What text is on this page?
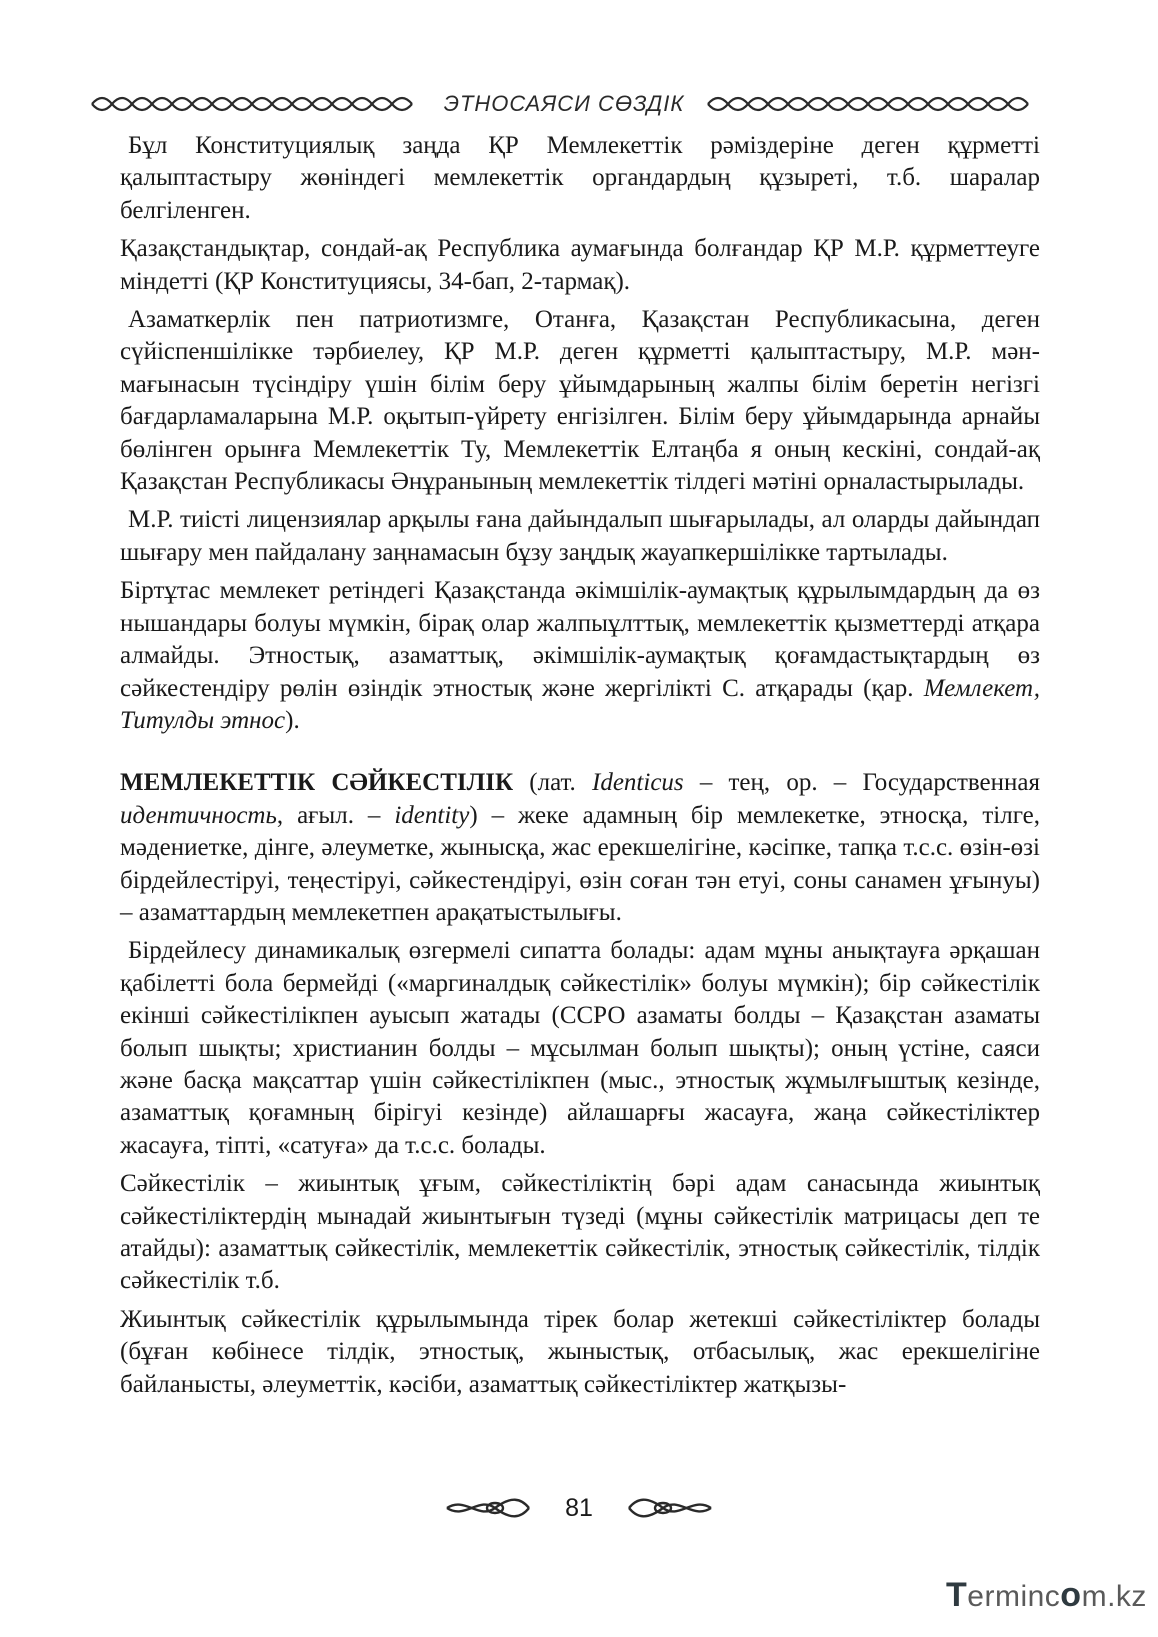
ЭТНОСАЯСИ СӨЗДІК

Бұл Конституциялық заңда ҚР Мемлекеттік рәміздеріне деген құрметті қалыптастыру жөніндегі мемлекеттік органдардың құзыреті, т.б. шаралар белгіленген.

Қазақстандықтар, сондай-ақ Республика аумағында болғандар ҚР М.Р. құрметтеуге міндетті (ҚР Конституциясы, 34-бап, 2-тармақ).

Азаматкерлік пен патриотизмге, Отанға, Қазақстан Республикасына, деген сүйіспеншілікке тәрбиелеу, ҚР М.Р. деген құрметті қалыптастыру, М.Р. мән-мағынасын түсіндіру үшін білім беру ұйымдарының жалпы білім беретін негізгі бағдарламаларына М.Р. оқытып-үйрету енгізілген. Білім беру ұйымдарында арнайы бөлінген орынға Мемлекеттік Ту, Мемлекеттік Елтаңба я оның кескіні, сондай-ақ Қазақстан Республикасы Әнұранының мемлекеттік тілдегі мәтіні орналастырылады.

М.Р. тиісті лицензиялар арқылы ғана дайындалып шығарылады, ал оларды дайындап шығару мен пайдалану заңнамасын бұзу заңдық жауапкершілікке тартылады.

Біртұтас мемлекет ретіндегі Қазақстанда әкімшілік-аумақтық құрылымдардың да өз нышандары болуы мүмкін, бірақ олар жалпыұлттық, мемлекеттік қызметтерді атқара алмайды. Этностық, азаматтық, әкімшілік-аумақтық қоғамдастықтардың өз сәйкестендіру рөлін өзіндік этностық және жергілікті С. атқарады (қар. Мемлекет, Титулды этнос).

МЕМЛЕКЕТТІК СӘЙКЕСТІЛІК (лат. Identicus – тең, ор. – Государственная идентичность, ағыл. – identity) – жеке адамның бір мемлекетке, этносқа, тілге, мәдениетке, дінге, әлеуметке, жынысқа, жас ерекшелігіне, кәсіпке, тапқа т.с.с. өзін-өзі бірдейлестіруі, теңестіруі, сәйкестендіруі, өзін соған тән етуі, соны санамен ұғынуы) – азаматтардың мемлекетпен арақатыстылығы.

Бірдейлесу динамикалық өзгермелі сипатта болады: адам мұны анықтауға әрқашан қабілетті бола бермейді («маргиналдық сәйкестілік» болуы мүмкін); бір сәйкестілік екінші сәйкестілікпен ауысып жатады (ССРО азаматы болды – Қазақстан азаматы болып шықты; христианин болды – мұсылман болып шықты); оның үстіне, саяси және басқа мақсаттар үшін сәйкестілікпен (мыс., этностық жұмылғыштық кезінде, азаматтық қоғамның бірігуі кезінде) айлашарғы жасауға, жаңа сәйкестіліктер жасауға, тіпті, «сатуға» да т.с.с. болады.

Сәйкестілік – жиынтық ұғым, сәйкестіліктің бәрі адам санасында жиынтық сәйкестіліктердің мынадай жиынтығын түзеді (мұны сәйкестілік матрицасы деп те атайды): азаматтық сәйкестілік, мемлекеттік сәйкестілік, этностық сәйкестілік, тілдік сәйкестілік т.б.

Жиынтық сәйкестілік құрылымында тірек болар жетекші сәйкестіліктер болады (бұған көбінесе тілдік, этностық, жыныстық, отбасылық, жас ерекшелігіне байланысты, әлеуметтік, кәсіби, азаматтық сәйкестіліктер жатқызы-

81
Termincom.kz
